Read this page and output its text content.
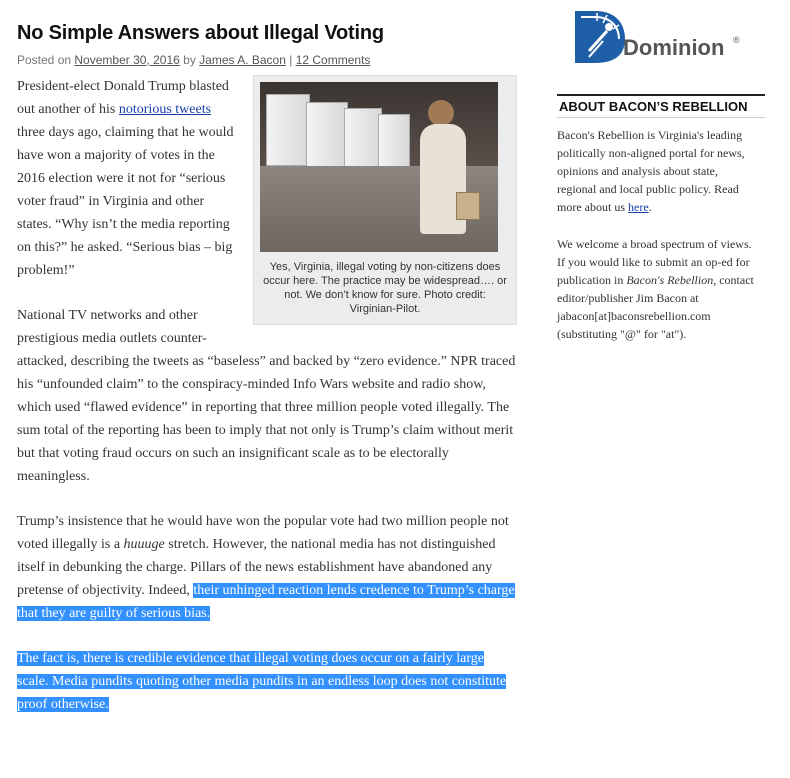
No Simple Answers about Illegal Voting
Posted on November 30, 2016 by James A. Bacon | 12 Comments
Yes, Virginia, illegal voting by non-citizens does occur here. The practice may be widespread…. or not. We don’t know for sure. Photo credit: Virginian-Pilot.

President-elect Donald Trump blasted out another of his notorious tweets three days ago, claiming that he would have won a majority of votes in the 2016 election were it not for “serious voter fraud” in Virginia and other states. “Why isn’t the media reporting on this?” he asked. “Serious bias – big problem!”

National TV networks and other prestigious media outlets counter-attacked, describing the tweets as “baseless” and backed by “zero evidence.” NPR traced his “unfounded claim” to the conspiracy-minded Info Wars website and radio show, which used “flawed evidence” in reporting that three million people voted illegally. The sum total of the reporting has been to imply that not only is Trump’s claim without merit but that voting fraud occurs on such an insignificant scale as to be electorally meaningless.

Trump’s insistence that he would have won the popular vote had two million people not voted illegally is a huuuge stretch. However, the national media has not distinguished itself in debunking the charge. Pillars of the news establishment have abandoned any pretense of objectivity. Indeed, their unhinged reaction lends credence to Trump’s charge that they are guilty of serious bias.

The fact is, there is credible evidence that illegal voting does occur on a fairly large scale. Media pundits quoting other media pundits in an endless loop does not constitute proof otherwise.

Dominion ®
ABOUT BACON’S REBELLION

Bacon's Rebellion is Virginia's leading politically non-aligned portal for news, opinions and analysis about state, regional and local public policy. Read more about us here.

We welcome a broad spectrum of views. If you would like to submit an op-ed for publication in Bacon's Rebellion, contact editor/publisher Jim Bacon at jabacon[at]baconsrebellion.com (substituting "@" for "at").
